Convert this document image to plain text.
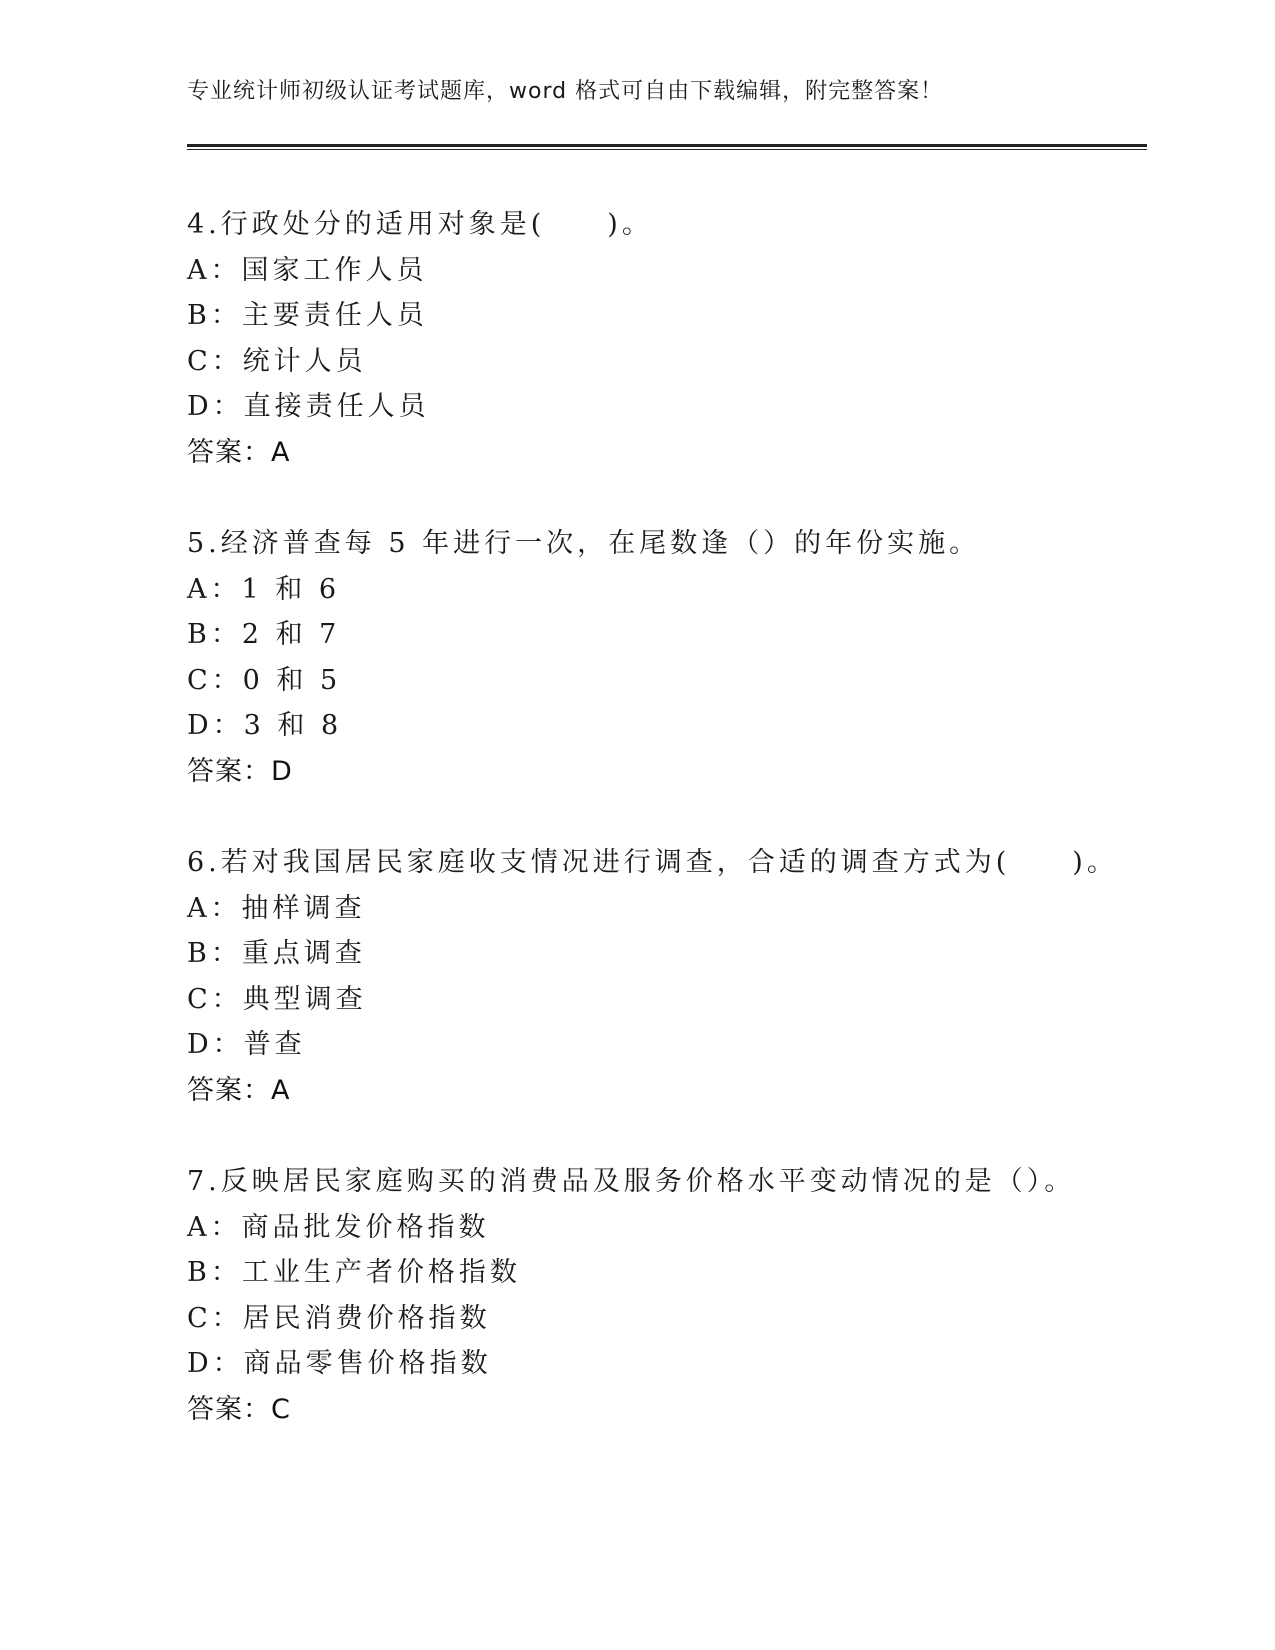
专业统计师初级认证考试题库，word 格式可自由下载编辑，附完整答案！
4.行政处分的适用对象是(　　)。
A：国家工作人员
B：主要责任人员
C：统计人员
D：直接责任人员
答案：A
5.经济普查每 5 年进行一次，在尾数逢（）的年份实施。
A：1 和 6
B：2 和 7
C：0 和 5
D：3 和 8
答案：D
6.若对我国居民家庭收支情况进行调查，合适的调查方式为(　　)。
A：抽样调查
B：重点调查
C：典型调查
D：普查
答案：A
7.反映居民家庭购买的消费品及服务价格水平变动情况的是（）。
A：商品批发价格指数
B：工业生产者价格指数
C：居民消费价格指数
D：商品零售价格指数
答案：C
